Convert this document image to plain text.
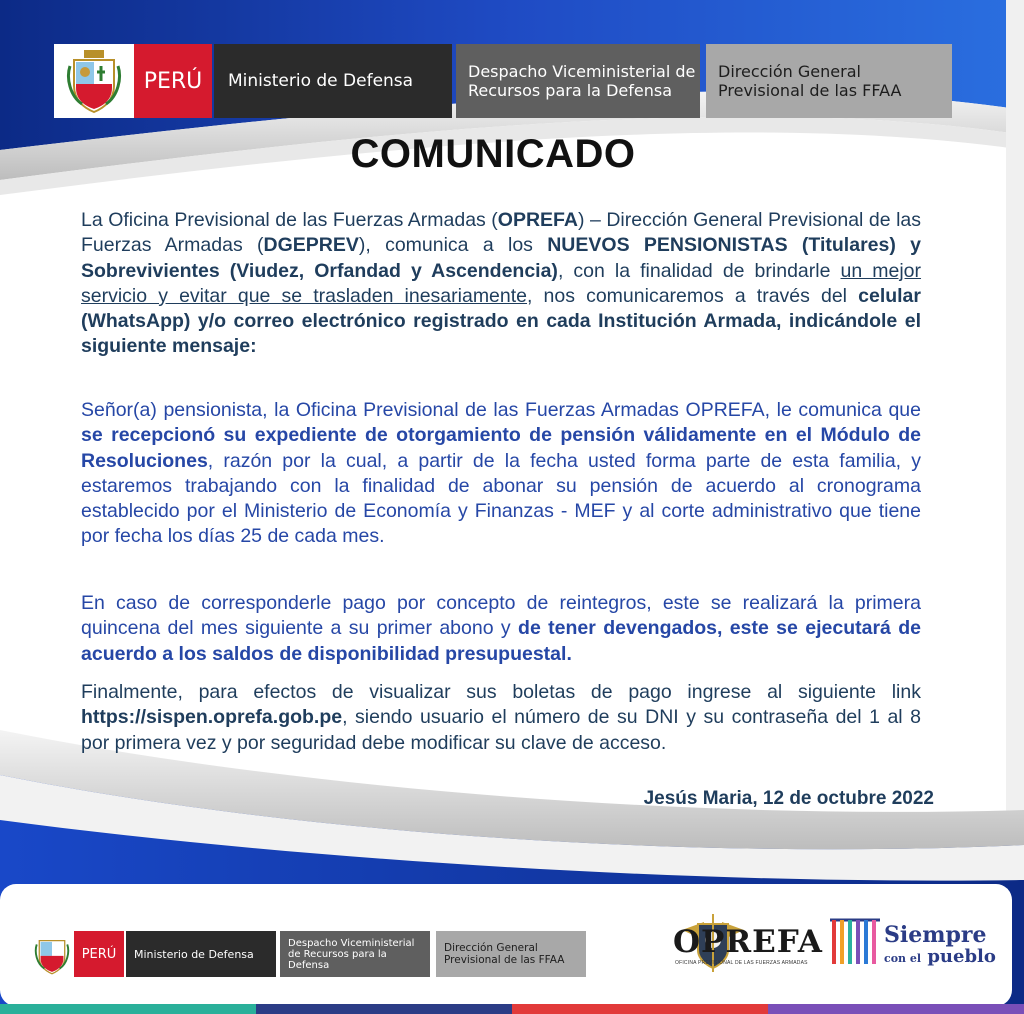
PERÚ	Ministerio de Defensa	Despacho Viceministerial de Recursos para la Defensa
Dirección General Previsional de las FFAA
COMUNICADO

La Oficina Previsional de las Fuerzas Armadas (OPREFA) – Dirección General Previsional de las Fuerzas Armadas (DGEPREV), comunica a los NUEVOS PENSIONISTAS (Titulares) y Sobrevivientes (Viudez, Orfandad y Ascendencia), con la finalidad de brindarle un mejor servicio y evitar que se trasladen inesariamente, nos comunicaremos a través del celular (WhatsApp) y/o correo electrónico registrado en cada Institución Armada, indicándole el siguiente mensaje:

Señor(a) pensionista, la Oficina Previsional de las Fuerzas Armadas OPREFA, le comunica que se recepcionó su expediente de otorgamiento de pensión válidamente en el Módulo de Resoluciones, razón por la cual, a partir de la fecha usted forma parte de esta familia, y estaremos trabajando con la finalidad de abonar su pensión de acuerdo al cronograma establecido por el Ministerio de Economía y Finanzas - MEF y al corte administrativo que tiene por fecha los días 25 de cada mes.

En caso de corresponderle pago por concepto de reintegros, este se realizará la primera quincena del mes siguiente a su primer abono y de tener devengados, este se ejecutará de acuerdo a los saldos de disponibilidad presupuestal.

Finalmente, para efectos de visualizar sus boletas de pago ingrese al siguiente link https://sispen.oprefa.gob.pe, siendo usuario el número de su DNI y su contraseña del 1 al 8 por primera vez y por seguridad debe modificar su clave de acceso.

Jesús Maria, 12 de octubre 2022
PERÚ	Ministerio de Defensa
Despacho Viceministerial de Recursos para la Defensa
Dirección General Previsional de las FFAA	OPREFA
OFICINA PREVISIONAL DE LAS FUERZAS ARMADAS
Siempre
con el pueblo
